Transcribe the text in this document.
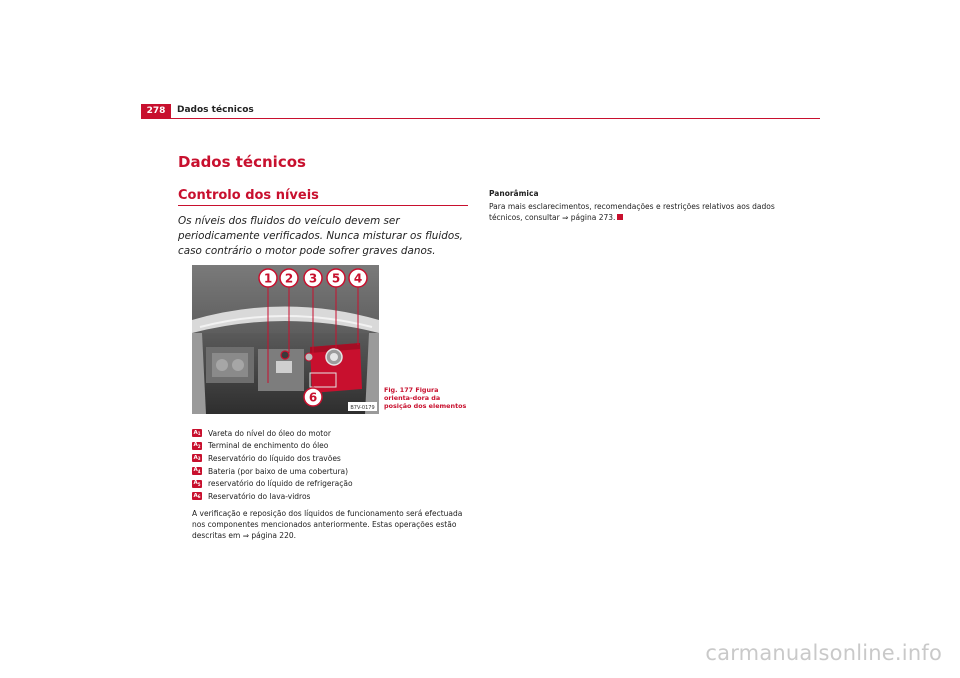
278	Dados técnicos
Dados técnicos
Controlo dos níveis

Os níveis dos fluidos do veículo devem ser periodicamente verificados. Nunca misturar os fluidos, caso contrário o motor pode sofrer graves danos.

1 2 3 5 4
6
B7V-0179

Fig. 177 Figura orienta-dora da posição dos elementos

$A_1$ Vareta do nível do óleo do motor
$A_2$ Terminal de enchimento do óleo
$A_3$ Reservatório do líquido dos travões
$A_4$ Bateria (por baixo de uma cobertura)
$A_5$ reservatório do líquido de refrigeração
$A_6$ Reservatório do lava-vidros

A verificação e reposição dos líquidos de funcionamento será efectuada nos componentes mencionados anteriormente. Estas operações estão descritas em ⇒ página 220.

Panorâmica

Para mais esclarecimentos, recomendações e restrições relativos aos dados técnicos, consultar ⇒ página 273.

carmanualsonline.info
